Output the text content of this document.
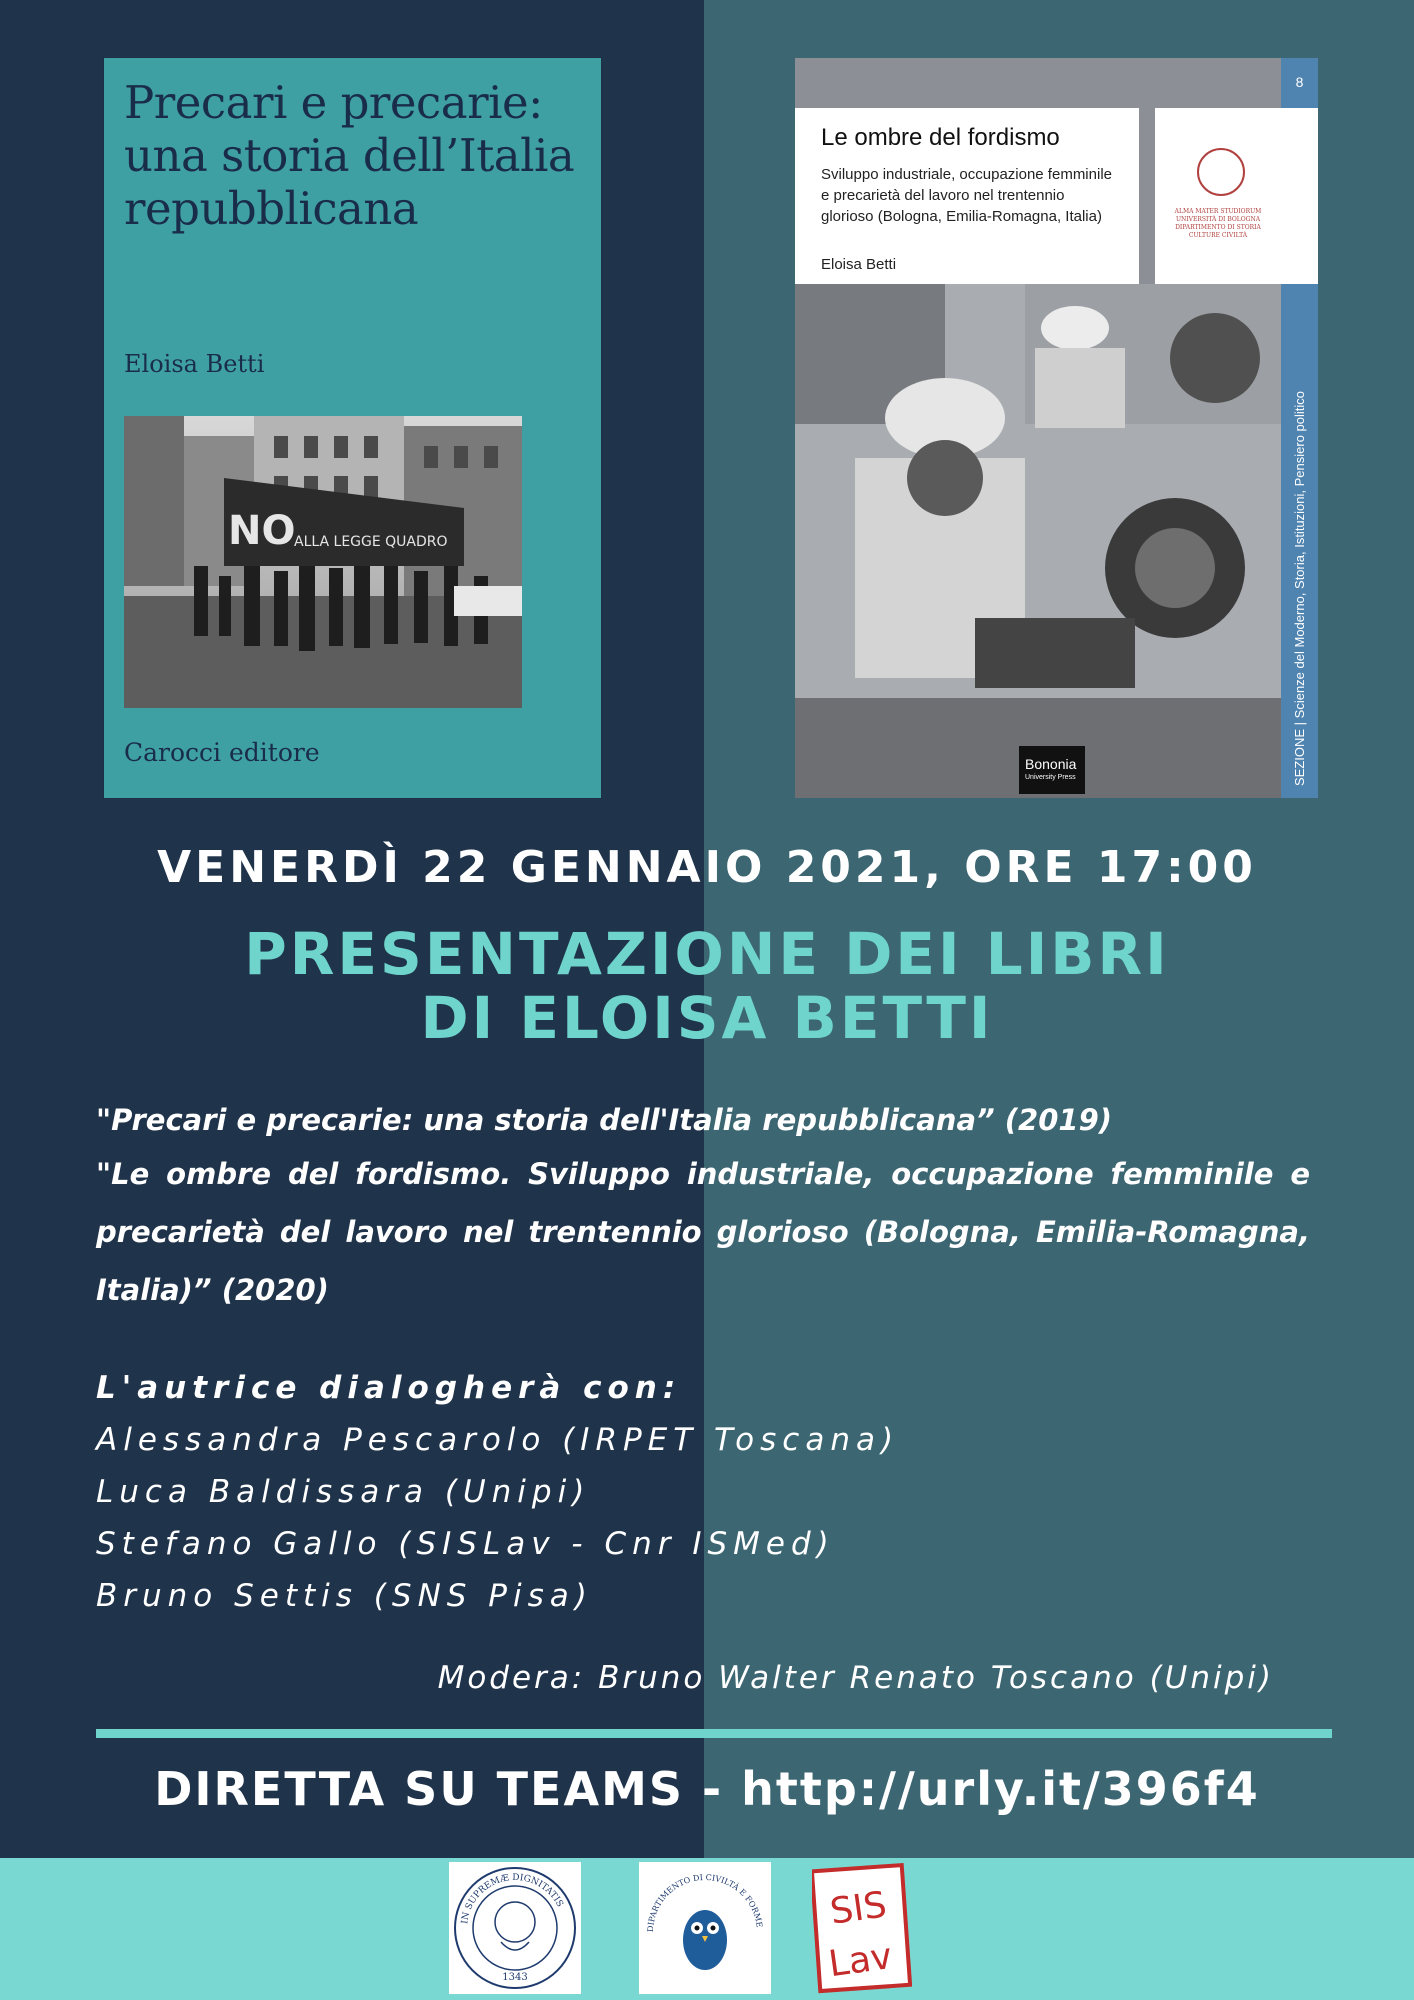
Precari e precarie: una storia dell’Italia repubblicana
Eloisa Betti
NO
ALLA LEGGE QUADRO
Carocci editore
Le ombre del fordismo
Sviluppo industriale, occupazione femminile e precarietà del lavoro nel trentennio glorioso (Bologna, Emilia-Romagna, Italia)
Eloisa Betti
ALMA MATER STUDIORUM UNIVERSITÀ DI BOLOGNA DIPARTIMENTO DI STORIA CULTURE CIVILTÀ
8
SEZIONE | Scienze del Moderno, Storia, Istituzioni, Pensiero politico
Bononia
University Press
VENERDÌ 22 GENNAIO 2021, ORE 17:00
PRESENTAZIONE DEI LIBRI
DI ELOISA BETTI
"Precari e precarie: una storia dell'Italia repubblicana” (2019)
"Le ombre del fordismo. Sviluppo industriale, occupazione femminile e precarietà del lavoro nel trentennio glorioso (Bologna, Emilia-Romagna, Italia)” (2020)
L'autrice dialogherà con:
Alessandra Pescarolo (IRPET Toscana)
Luca Baldissara (Unipi)
Stefano Gallo (SISLav - Cnr ISMed)
Bruno Settis (SNS Pisa)
Modera: Bruno Walter Renato Toscano (Unipi)
DIRETTA SU TEAMS - http://urly.it/396f4
IN SUPREMÆ DIGNITATIS
1343
DIPARTIMENTO DI CIVILTÀ E FORME SIS
Lav
